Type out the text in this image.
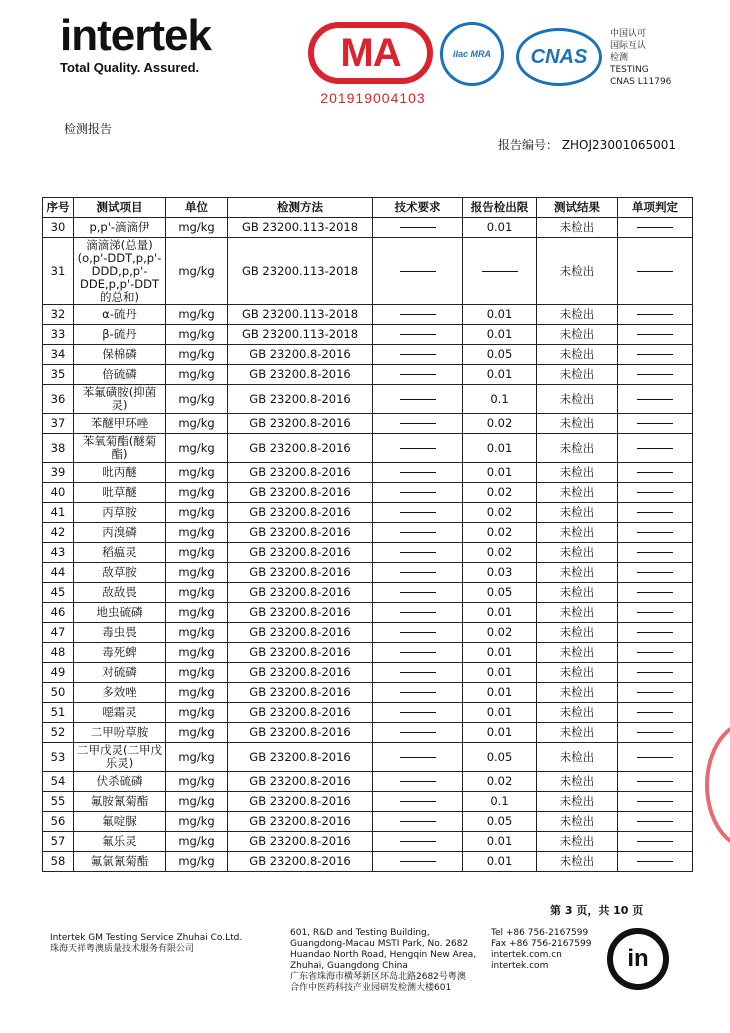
intertek
Total Quality. Assured.	MA
201919004103
ilac MRA CNAS
中国认可
国际互认
检测
TESTING
CNAS L11796
检测报告
报告编号： ZHOJ23001065001
序号	测试项目	单位	检测方法	技术要求	报告检出限	测试结果	单项判定
30	p,p'-滴滴伊	mg/kg	GB 23200.113-2018		0.01	未检出	
31	滴滴涕(总量)(o,p'-DDT,p,p'-DDD,p,p'-DDE,p,p'-DDT的总和)	mg/kg	GB 23200.113-2018			未检出	
32	α-硫丹	mg/kg	GB 23200.113-2018		0.01	未检出	
33	β-硫丹	mg/kg	GB 23200.113-2018		0.01	未检出	
34	保棉磷	mg/kg	GB 23200.8-2016		0.05	未检出	
35	倍硫磷	mg/kg	GB 23200.8-2016		0.01	未检出	
36	苯氟磺胺(抑菌灵)	mg/kg	GB 23200.8-2016		0.1	未检出	
37	苯醚甲环唑	mg/kg	GB 23200.8-2016		0.02	未检出	
38	苯氧菊酯(醚菊酯)	mg/kg	GB 23200.8-2016		0.01	未检出	
39	吡丙醚	mg/kg	GB 23200.8-2016		0.01	未检出	
40	吡草醚	mg/kg	GB 23200.8-2016		0.02	未检出	
41	丙草胺	mg/kg	GB 23200.8-2016		0.02	未检出	
42	丙溴磷	mg/kg	GB 23200.8-2016		0.02	未检出	
43	稻瘟灵	mg/kg	GB 23200.8-2016		0.02	未检出	
44	敌草胺	mg/kg	GB 23200.8-2016		0.03	未检出	
45	敌敌畏	mg/kg	GB 23200.8-2016		0.05	未检出	
46	地虫硫磷	mg/kg	GB 23200.8-2016		0.01	未检出	
47	毒虫畏	mg/kg	GB 23200.8-2016		0.02	未检出	
48	毒死蜱	mg/kg	GB 23200.8-2016		0.01	未检出	
49	对硫磷	mg/kg	GB 23200.8-2016		0.01	未检出	
50	多效唑	mg/kg	GB 23200.8-2016		0.01	未检出	
51	噁霜灵	mg/kg	GB 23200.8-2016		0.01	未检出	
52	二甲吩草胺	mg/kg	GB 23200.8-2016		0.01	未检出	
53	二甲戊灵(二甲戊乐灵)	mg/kg	GB 23200.8-2016		0.05	未检出	
54	伏杀硫磷	mg/kg	GB 23200.8-2016		0.02	未检出	
55	氟胺氰菊酯	mg/kg	GB 23200.8-2016		0.1	未检出	
56	氟啶脲	mg/kg	GB 23200.8-2016		0.05	未检出	
57	氟乐灵	mg/kg	GB 23200.8-2016		0.01	未检出	
58	氟氯氰菊酯	mg/kg	GB 23200.8-2016		0.01	未检出	
第 3 页，共 10 页
Intertek GM Testing Service Zhuhai Co.Ltd.
珠海天祥粤澳质量技术服务有限公司
601, R&D and Testing Building,
Guangdong-Macau MSTI Park, No. 2682
Huandao North Road, Hengqin New Area,
Zhuhai, Guangdong China
广东省珠海市横琴新区环岛北路2682号粤澳
合作中医药科技产业园研发检测大楼601
Tel +86 756-2167599
Fax +86 756-2167599
intertek.com.cn
intertek.com	in
